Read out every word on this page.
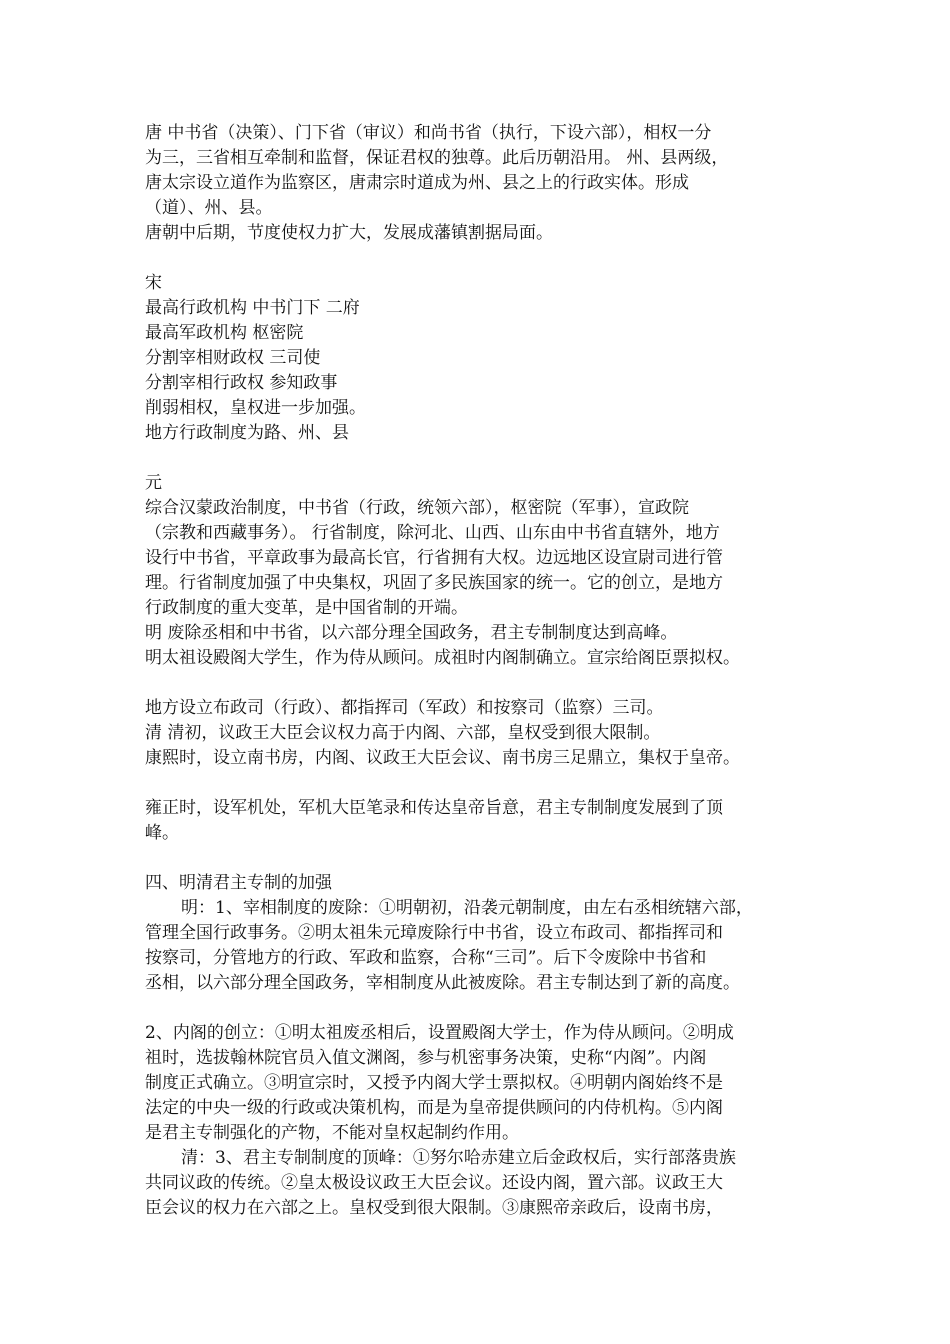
唐 中书省（决策）、门下省（审议）和尚书省（执行，下设六部），相权一分
为三，三省相互牵制和监督，保证君权的独尊。此后历朝沿用。 州、县两级，
唐太宗设立道作为监察区，唐肃宗时道成为州、县之上的行政实体。形成
（道）、州、县。
唐朝中后期，节度使权力扩大，发展成藩镇割据局面。
宋
最高行政机构 中书门下 二府
最高军政机构 枢密院
分割宰相财政权 三司使
分割宰相行政权 参知政事
削弱相权，皇权进一步加强。
地方行政制度为路、州、县
元
综合汉蒙政治制度，中书省（行政，统领六部），枢密院（军事），宣政院
（宗教和西藏事务）。 行省制度，除河北、山西、山东由中书省直辖外，地方
设行中书省，平章政事为最高长官，行省拥有大权。边远地区设宣尉司进行管
理。行省制度加强了中央集权，巩固了多民族国家的统一。它的创立，是地方
行政制度的重大变革，是中国省制的开端。
明 废除丞相和中书省，以六部分理全国政务，君主专制制度达到高峰。
明太祖设殿阁大学生，作为侍从顾问。成祖时内阁制确立。宣宗给阁臣票拟权。
地方设立布政司（行政）、都指挥司（军政）和按察司（监察）三司。
清 清初，议政王大臣会议权力高于内阁、六部，皇权受到很大限制。
康熙时，设立南书房，内阁、议政王大臣会议、南书房三足鼎立，集权于皇帝。
雍正时，设军机处，军机大臣笔录和传达皇帝旨意，君主专制制度发展到了顶
峰。
四、明清君主专制的加强
明：1、宰相制度的废除：①明朝初，沿袭元朝制度，由左右丞相统辖六部，
管理全国行政事务。②明太祖朱元璋废除行中书省，设立布政司、都指挥司和
按察司，分管地方的行政、军政和监察，合称“三司”。后下令废除中书省和
丞相，以六部分理全国政务，宰相制度从此被废除。君主专制达到了新的高度。
2、内阁的创立：①明太祖废丞相后，设置殿阁大学士，作为侍从顾问。②明成
祖时，选拔翰林院官员入值文渊阁，参与机密事务决策，史称“内阁”。内阁
制度正式确立。③明宣宗时，又授予内阁大学士票拟权。④明朝内阁始终不是
法定的中央一级的行政或决策机构，而是为皇帝提供顾问的内侍机构。⑤内阁
是君主专制强化的产物，不能对皇权起制约作用。
清：3、君主专制制度的顶峰：①努尔哈赤建立后金政权后，实行部落贵族
共同议政的传统。②皇太极设议政王大臣会议。还设内阁，置六部。议政王大
臣会议的权力在六部之上。皇权受到很大限制。③康熙帝亲政后，设南书房，
